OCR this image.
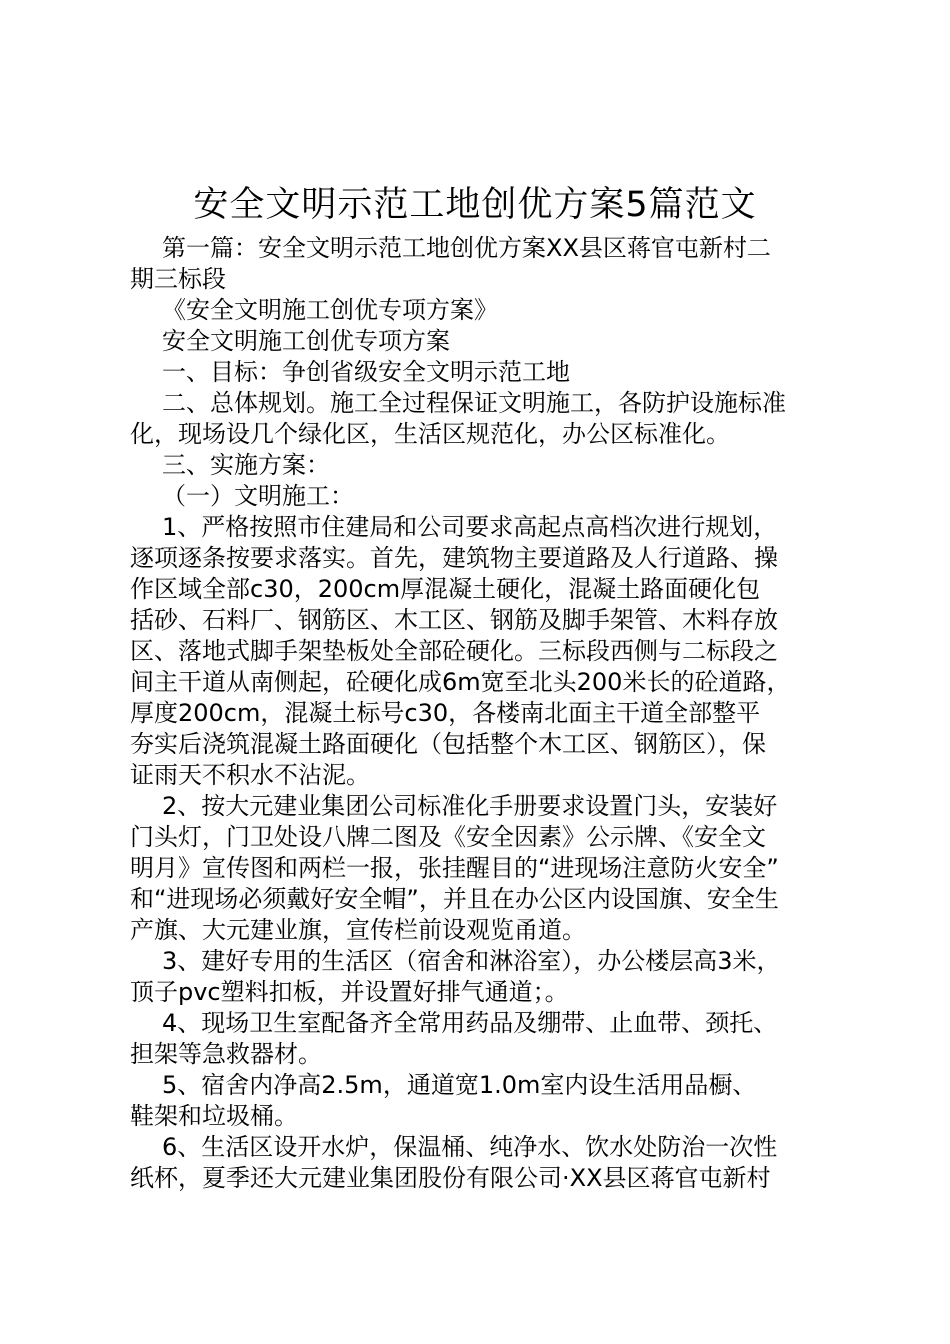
安全文明示范工地创优方案5篇范文
第一篇：安全文明示范工地创优方案XX县区蒋官屯新村二
期三标段
《安全文明施工创优专项方案》
安全文明施工创优专项方案
一、目标：争创省级安全文明示范工地
二、总体规划。施工全过程保证文明施工，各防护设施标准
化，现场设几个绿化区，生活区规范化，办公区标准化。
三、实施方案：
（一）文明施工：
1、严格按照市住建局和公司要求高起点高档次进行规划，
逐项逐条按要求落实。首先，建筑物主要道路及人行道路、操
作区域全部c30，200cm厚混凝土硬化，混凝土路面硬化包
括砂、石料厂、钢筋区、木工区、钢筋及脚手架管、木料存放
区、落地式脚手架垫板处全部砼硬化。三标段西侧与二标段之
间主干道从南侧起，砼硬化成6m宽至北头200米长的砼道路，
厚度200cm，混凝土标号c30，各楼南北面主干道全部整平
夯实后浇筑混凝土路面硬化（包括整个木工区、钢筋区），保
证雨天不积水不沾泥。
2、按大元建业集团公司标准化手册要求设置门头，安装好
门头灯，门卫处设八牌二图及《安全因素》公示牌、《安全文
明月》宣传图和两栏一报，张挂醒目的“进现场注意防火安全”
和“进现场必须戴好安全帽”，并且在办公区内设国旗、安全生
产旗、大元建业旗，宣传栏前设观览甬道。
3、建好专用的生活区（宿舍和淋浴室），办公楼层高3米，
顶子pvc塑料扣板，并设置好排气通道；。
4、现场卫生室配备齐全常用药品及绷带、止血带、颈托、
担架等急救器材。
5、宿舍内净高2.5m，通道宽1.0m室内设生活用品橱、
鞋架和垃圾桶。
6、生活区设开水炉，保温桶、纯净水、饮水处防治一次性
纸杯，夏季还大元建业集团股份有限公司·XX县区蒋官屯新村
